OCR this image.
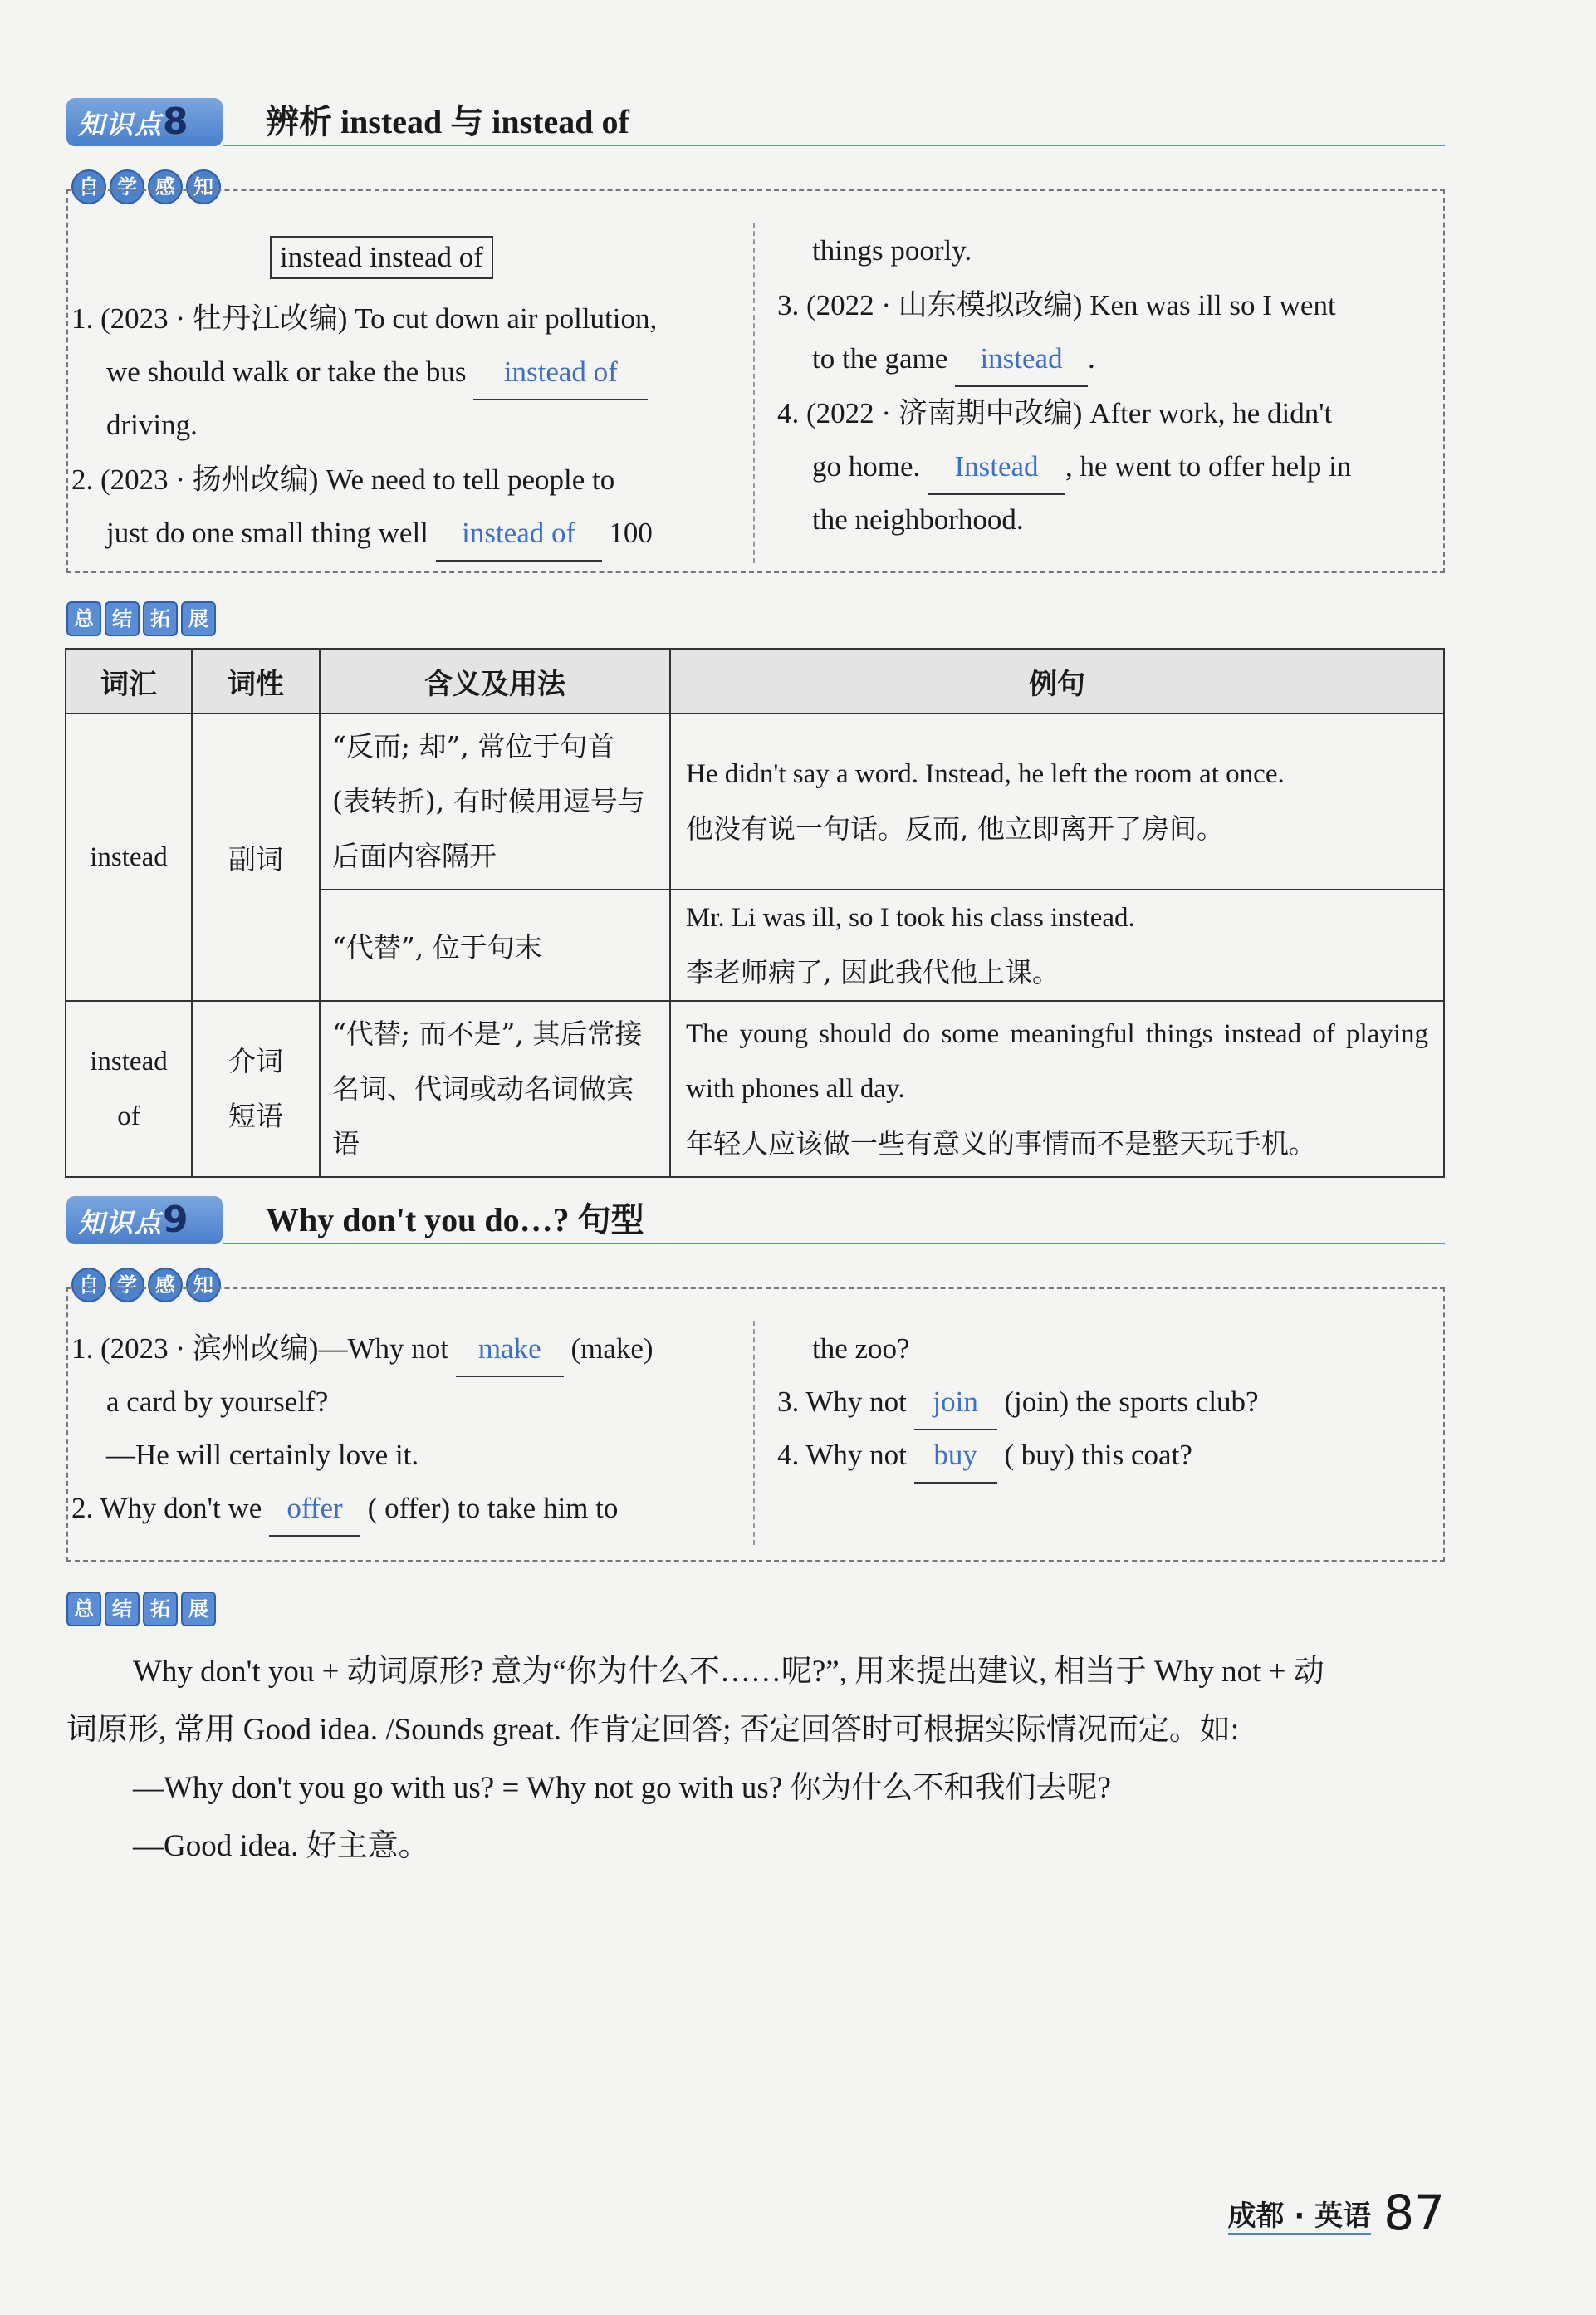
知识点8	辨析 instead 与 instead of
自 学 感 知
instead instead of
1. (2023 · 牡丹江改编) To cut down air pollution,
we should walk or take the bus instead of
driving.
2. (2023 · 扬州改编) We need to tell people to
just do one small thing well instead of 100
things poorly.
3. (2022 · 山东模拟改编) Ken was ill so I went
to the game instead .
4. (2022 · 济南期中改编) After work, he didn't
go home. Instead , he went to offer help in
the neighborhood.
总 结 拓 展
词汇	词性	含义及用法	例句
instead	副词	“反而; 却”, 常位于句首 (表转折), 有时候用逗号与后面内容隔开	He didn't say a word. Instead, he left the room at once.
他没有说一句话。反而, 他立即离开了房间。

		“代替”, 位于句末	Mr. Li was ill, so I took his class instead.
李老师病了, 因此我代他上课。

instead of	介词短语	“代替; 而不是”, 其后常接名词、代词或动名词做宾语	The young should do some meaningful things instead of playing with phones all day.
年轻人应该做一些有意义的事情而不是整天玩手机。
知识点9	Why don't you do…? 句型
自 学 感 知
1. (2023 · 滨州改编)—Why not make (make)
a card by yourself?
—He will certainly love it.
2. Why don't we offer ( offer) to take him to
the zoo?
3. Why not join (join) the sports club?
4. Why not buy ( buy) this coat?
总 结 拓 展
Why don't you + 动词原形? 意为“你为什么不……呢?”, 用来提出建议, 相当于 Why not + 动
词原形, 常用 Good idea. /Sounds great. 作肯定回答; 否定回答时可根据实际情况而定。如:
—Why don't you go with us? = Why not go with us? 你为什么不和我们去呢?
—Good idea. 好主意。
成都 · 英语 87
